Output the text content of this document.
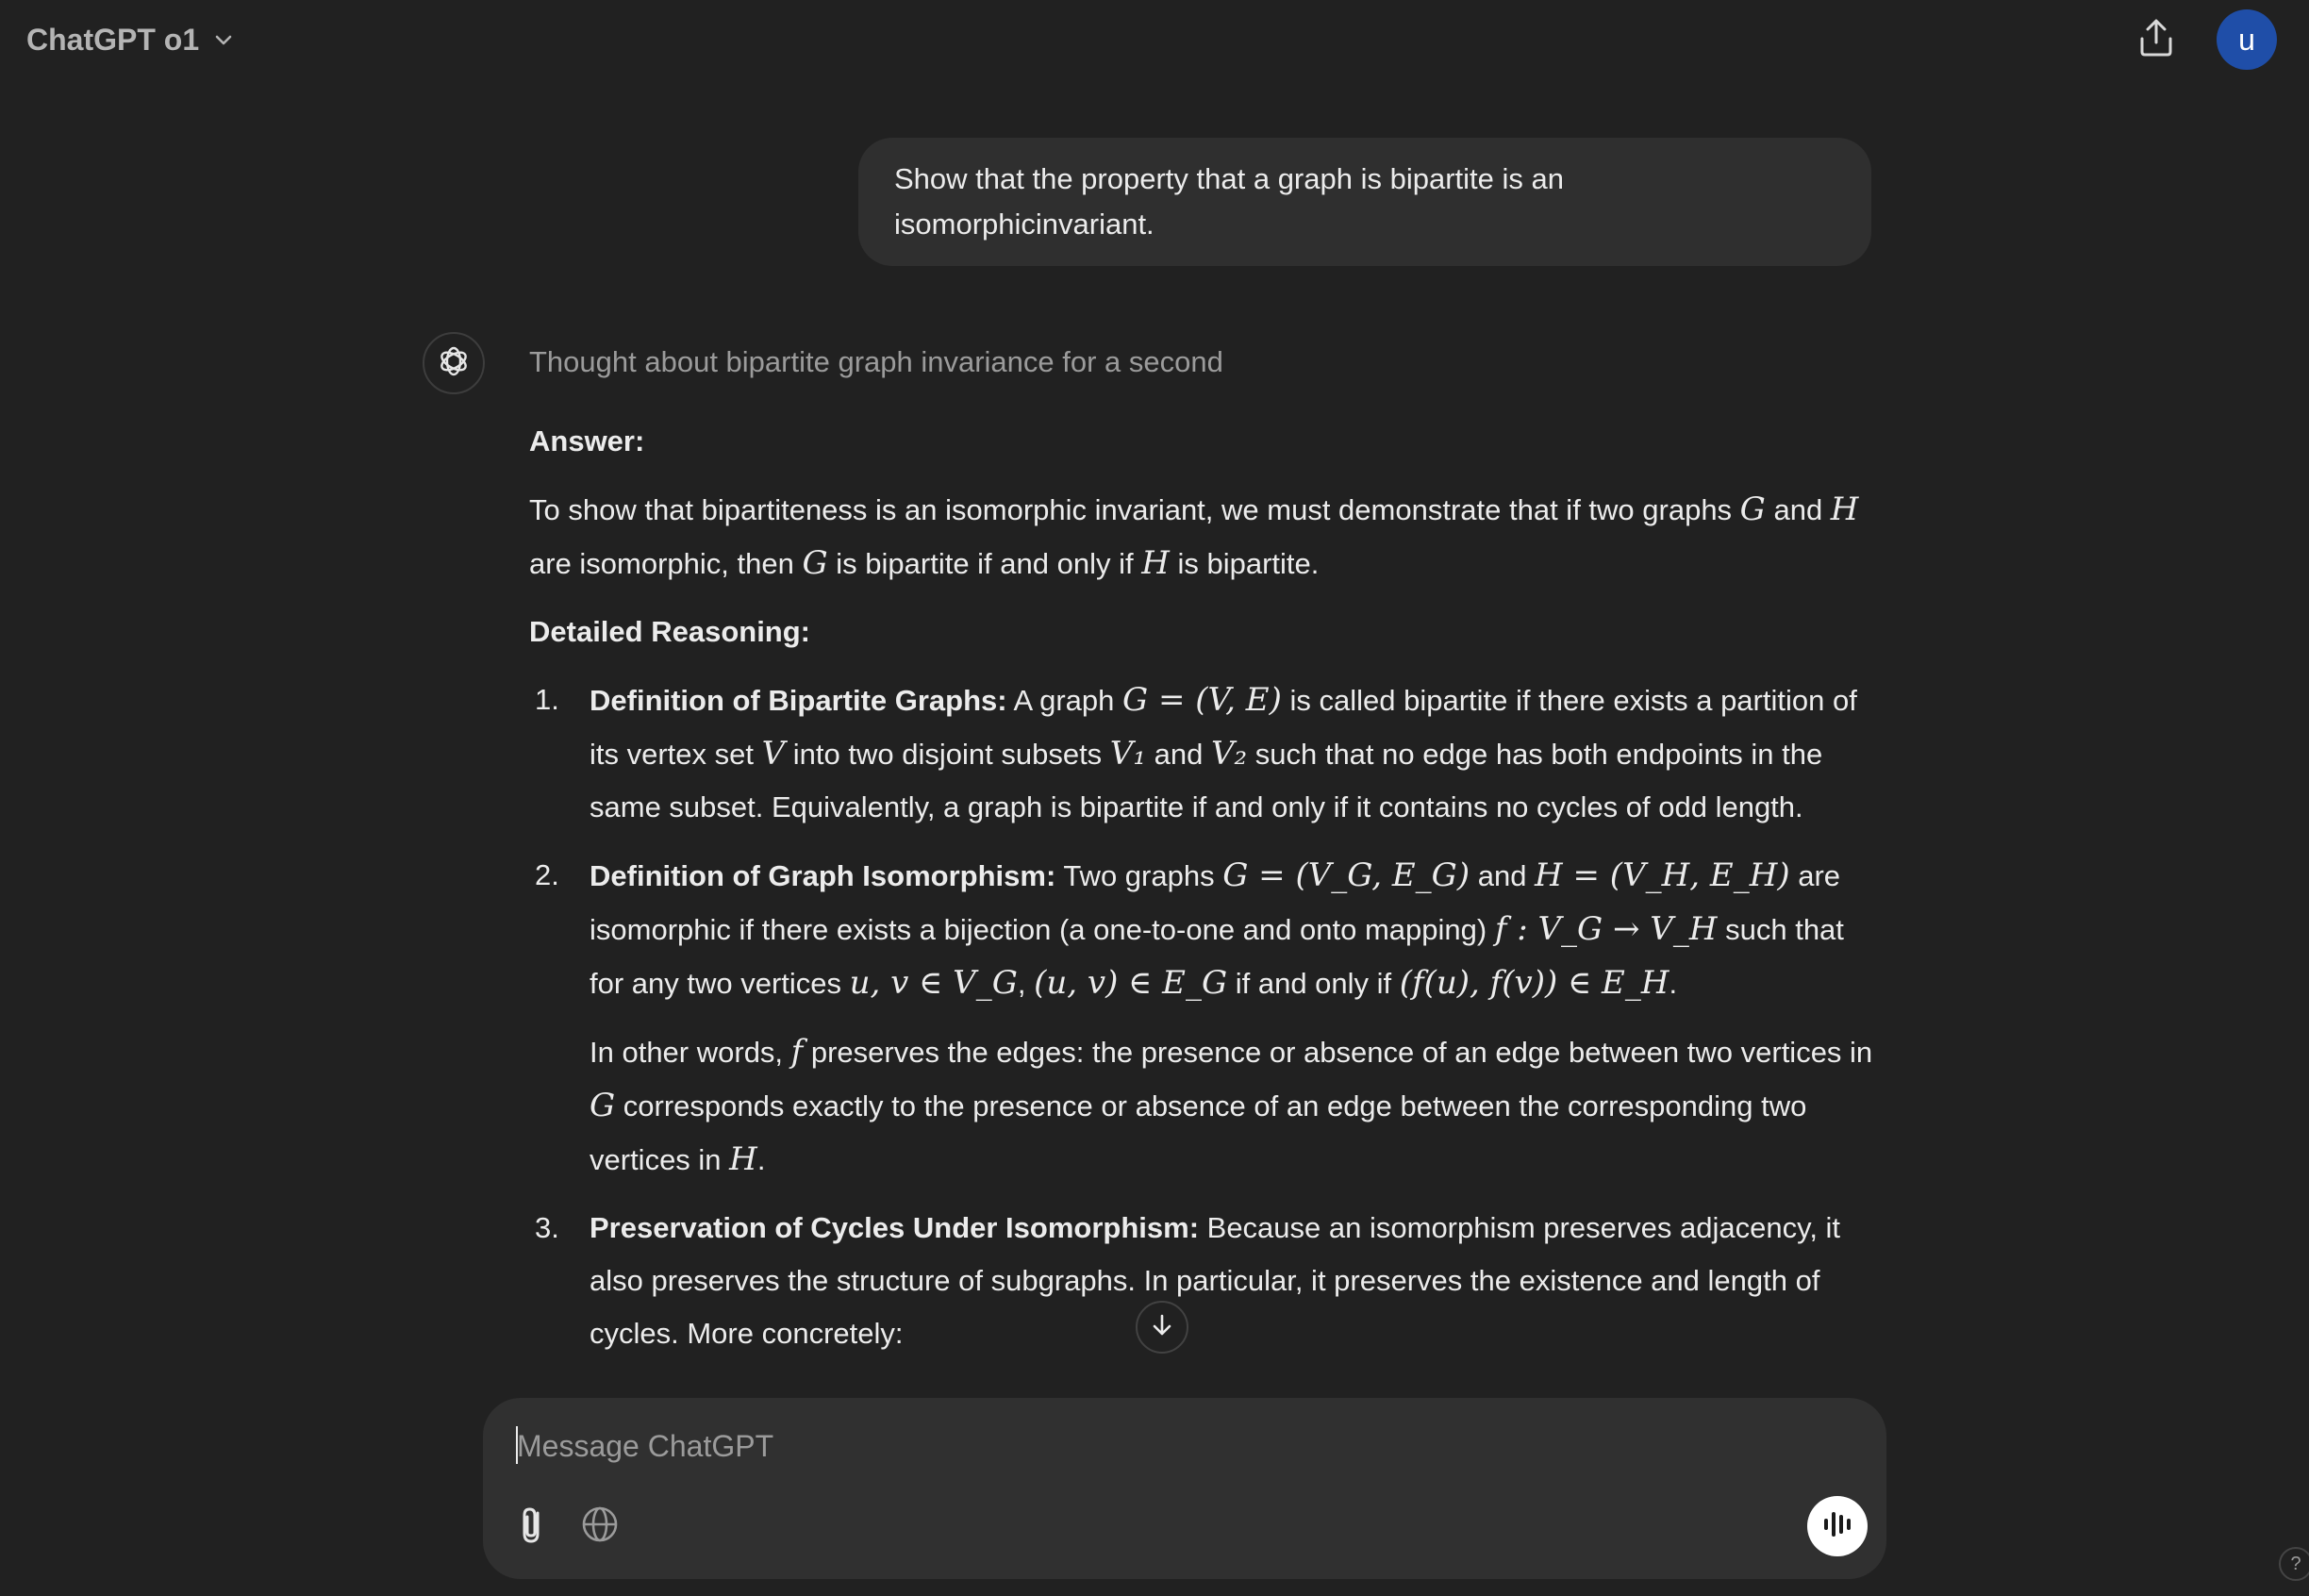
ChatGPT o1	u
Show that the property that a graph is bipartite is an isomorphicinvariant.
Thought about bipartite graph invariance for a second

Answer:

To show that bipartiteness is an isomorphic invariant, we must demonstrate that if two graphs G and H are isomorphic, then G is bipartite if and only if H is bipartite.

Detailed Reasoning:

1. Definition of Bipartite Graphs: A graph G = (V, E) is called bipartite if there exists a partition of its vertex set V into two disjoint subsets V₁ and V₂ such that no edge has both endpoints in the same subset. Equivalently, a graph is bipartite if and only if it contains no cycles of odd length.
2. Definition of Graph Isomorphism: Two graphs G = (V_G, E_G) and H = (V_H, E_H) are isomorphic if there exists a bijection (a one-to-one and onto mapping) f : V_G → V_H such that for any two vertices u, v ∈ V_G, (u, v) ∈ E_G if and only if (f(u), f(v)) ∈ E_H.
In other words, f preserves the edges: the presence or absence of an edge between two vertices in G corresponds exactly to the presence or absence of an edge between the corresponding two vertices in H.
3. Preservation of Cycles Under Isomorphism: Because an isomorphism preserves adjacency, it also preserves the structure of subgraphs. In particular, it preserves the existence and length of cycles. More concretely:
Message ChatGPT
?
